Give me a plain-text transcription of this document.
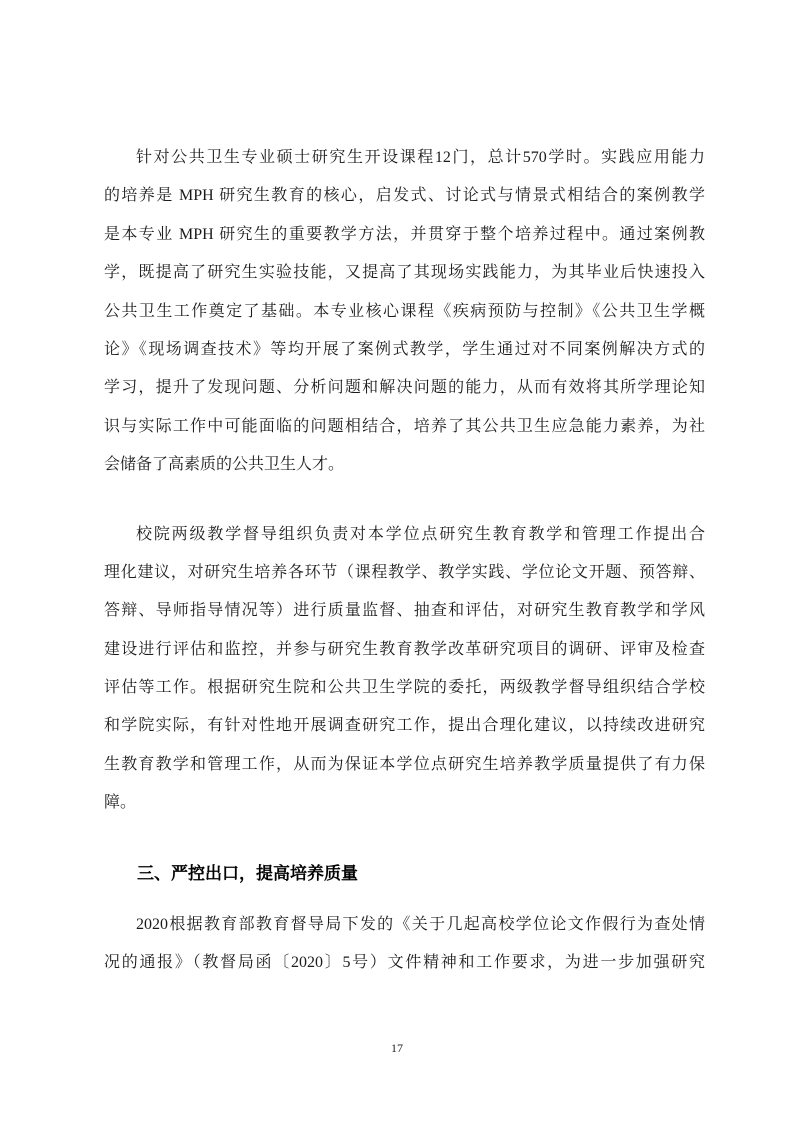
针对公共卫生专业硕士研究生开设课程12门，总计570学时。实践应用能力
的培养是 MPH 研究生教育的核心，启发式、讨论式与情景式相结合的案例教学
是本专业 MPH 研究生的重要教学方法，并贯穿于整个培养过程中。通过案例教
学，既提高了研究生实验技能，又提高了其现场实践能力，为其毕业后快速投入
公共卫生工作奠定了基础。本专业核心课程《疾病预防与控制》《公共卫生学概
论》《现场调查技术》等均开展了案例式教学，学生通过对不同案例解决方式的
学习，提升了发现问题、分析问题和解决问题的能力，从而有效将其所学理论知
识与实际工作中可能面临的问题相结合，培养了其公共卫生应急能力素养，为社
会储备了高素质的公共卫生人才。
校院两级教学督导组织负责对本学位点研究生教育教学和管理工作提出合
理化建议，对研究生培养各环节（课程教学、教学实践、学位论文开题、预答辩、
答辩、导师指导情况等）进行质量监督、抽查和评估，对研究生教育教学和学风
建设进行评估和监控，并参与研究生教育教学改革研究项目的调研、评审及检查
评估等工作。根据研究生院和公共卫生学院的委托，两级教学督导组织结合学校
和学院实际，有针对性地开展调查研究工作，提出合理化建议，以持续改进研究
生教育教学和管理工作，从而为保证本学位点研究生培养教学质量提供了有力保
障。
三、严控出口，提高培养质量
2020根据教育部教育督导局下发的《关于几起高校学位论文作假行为查处情
况的通报》（教督局函〔2020〕5号）文件精神和工作要求，为进一步加强研究
17
